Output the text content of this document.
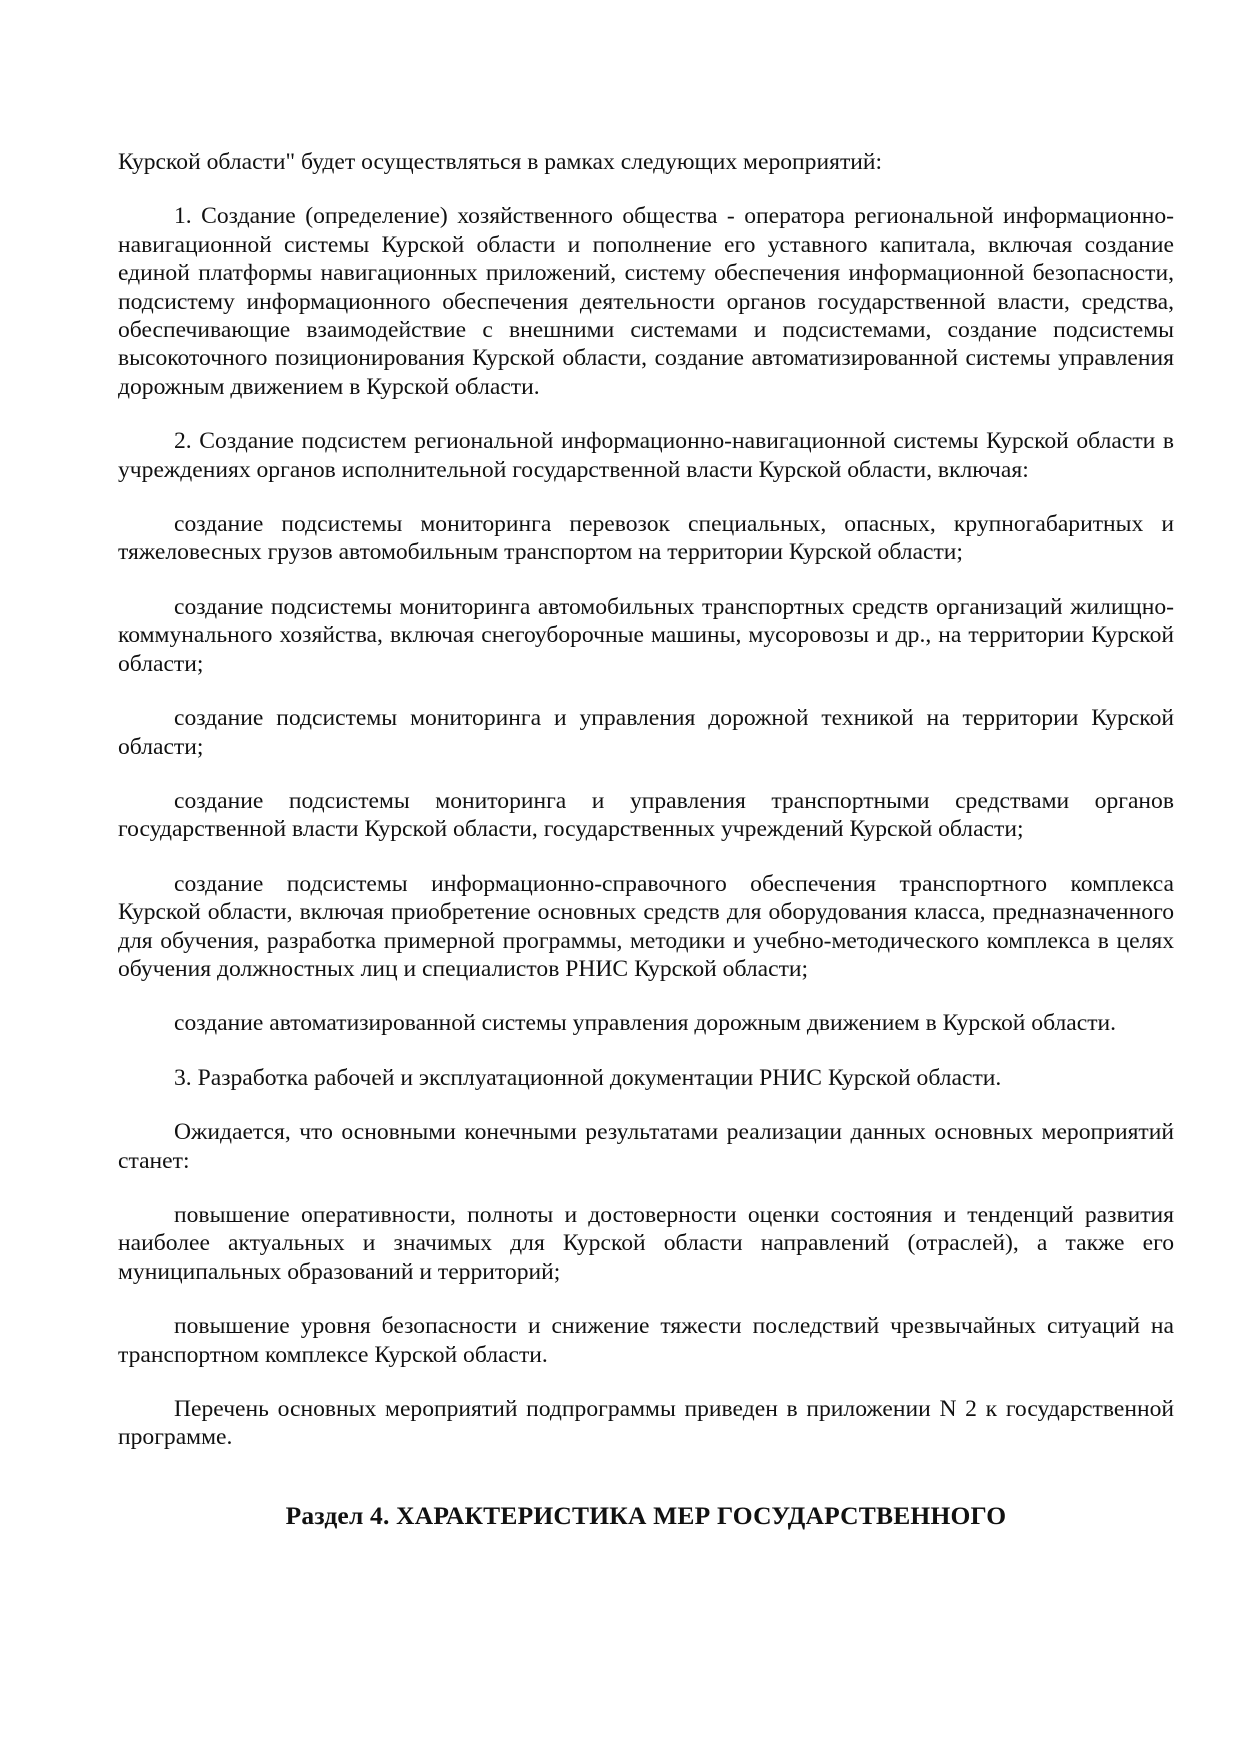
Курской области" будет осуществляться в рамках следующих мероприятий:

1. Создание (определение) хозяйственного общества - оператора региональной информационно-навигационной системы Курской области и пополнение его уставного капитала, включая создание единой платформы навигационных приложений, систему обеспечения информационной безопасности, подсистему информационного обеспечения деятельности органов государственной власти, средства, обеспечивающие взаимодействие с внешними системами и подсистемами, создание подсистемы высокоточного позиционирования Курской области, создание автоматизированной системы управления дорожным движением в Курской области.

2. Создание подсистем региональной информационно-навигационной системы Курской области в учреждениях органов исполнительной государственной власти Курской области, включая:

создание подсистемы мониторинга перевозок специальных, опасных, крупногабаритных и тяжеловесных грузов автомобильным транспортом на территории Курской области;

создание подсистемы мониторинга автомобильных транспортных средств организаций жилищно-коммунального хозяйства, включая снегоуборочные машины, мусоровозы и др., на территории Курской области;

создание подсистемы мониторинга и управления дорожной техникой на территории Курской области;

создание подсистемы мониторинга и управления транспортными средствами органов государственной власти Курской области, государственных учреждений Курской области;

создание подсистемы информационно-справочного обеспечения транспортного комплекса Курской области, включая приобретение основных средств для оборудования класса, предназначенного для обучения, разработка примерной программы, методики и учебно-методического комплекса в целях обучения должностных лиц и специалистов РНИС Курской области;

создание автоматизированной системы управления дорожным движением в Курской области.

3. Разработка рабочей и эксплуатационной документации РНИС Курской области.

Ожидается, что основными конечными результатами реализации данных основных мероприятий станет:

повышение оперативности, полноты и достоверности оценки состояния и тенденций развития наиболее актуальных и значимых для Курской области направлений (отраслей), а также его муниципальных образований и территорий;

повышение уровня безопасности и снижение тяжести последствий чрезвычайных ситуаций на транспортном комплексе Курской области.

Перечень основных мероприятий подпрограммы приведен в приложении N 2 к государственной программе.

Раздел 4. ХАРАКТЕРИСТИКА МЕР ГОСУДАРСТВЕННОГО
